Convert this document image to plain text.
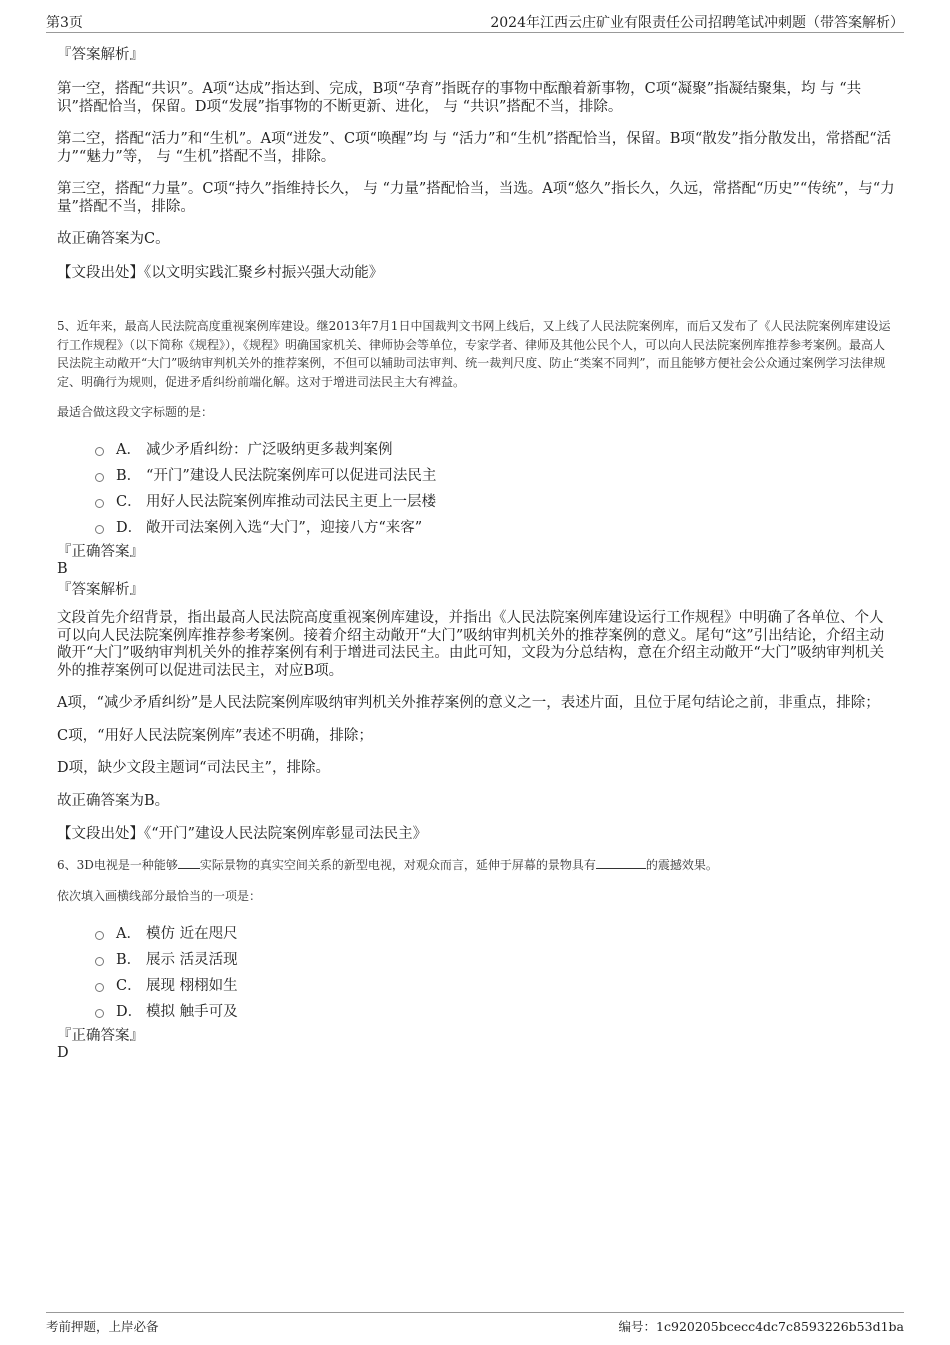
第3页	2024年江西云庄矿业有限责任公司招聘笔试冲刺题（带答案解析）

『答案解析』

第一空，搭配“共识”。A项“达成”指达到、完成，B项“孕育”指既存的事物中酝酿着新事物，C项“凝聚”指凝结聚集，均 与 “共识”搭配恰当，保留。D项“发展”指事物的不断更新、进化， 与 “共识”搭配不当，排除。

第二空，搭配“活力”和“生机”。A项“迸发”、C项“唤醒”均 与 “活力”和“生机”搭配恰当，保留。B项“散发”指分散发出，常搭配“活力”“魅力”等， 与 “生机”搭配不当，排除。

第三空，搭配“力量”。C项“持久”指维持长久， 与 “力量”搭配恰当，当选。A项“悠久”指长久，久远，常搭配“历史”“传统”，与“力量”搭配不当，排除。

故正确答案为C。

【文段出处】《以文明实践汇聚乡村振兴强大动能》

5、近年来，最高人民法院高度重视案例库建设。继2013年7月1日中国裁判文书网上线后，又上线了人民法院案例库，而后又发布了《人民法院案例库建设运行工作规程》（以下简称《规程》），《规程》明确国家机关、律师协会等单位，专家学者、律师及其他公民个人，可以向人民法院案例库推荐参考案例。最高人民法院主动敞开“大门”吸纳审判机关外的推荐案例，不但可以辅助司法审判、统一裁判尺度、防止“类案不同判”，而且能够方便社会公众通过案例学习法律规定、明确行为规则，促进矛盾纠纷前端化解。这对于增进司法民主大有裨益。

最适合做这段文字标题的是：

A． 减少矛盾纠纷：广泛吸纳更多裁判案例
B． “开门”建设人民法院案例库可以促进司法民主
C． 用好人民法院案例库推动司法民主更上一层楼
D． 敞开司法案例入选“大门”，迎接八方“来客”

『正确答案』

B

『答案解析』

文段首先介绍背景，指出最高人民法院高度重视案例库建设，并指出《人民法院案例库建设运行工作规程》中明确了各单位、个人可以向人民法院案例库推荐参考案例。接着介绍主动敞开“大门”吸纳审判机关外的推荐案例的意义。尾句“这”引出结论，介绍主动敞开“大门”吸纳审判机关外的推荐案例有利于增进司法民主。由此可知，文段为分总结构，意在介绍主动敞开“大门”吸纳审判机关外的推荐案例可以促进司法民主，对应B项。

A项，“减少矛盾纠纷”是人民法院案例库吸纳审判机关外推荐案例的意义之一，表述片面，且位于尾句结论之前，非重点，排除；

C项，“用好人民法院案例库”表述不明确，排除；

D项，缺少文段主题词“司法民主”，排除。

故正确答案为B。

【文段出处】《“开门”建设人民法院案例库彰显司法民主》

6、3D电视是一种能够 实际景物的真实空间关系的新型电视，对观众而言，延伸于屏幕的景物具有	的震撼效果。

依次填入画横线部分最恰当的一项是：

A． 模仿 近在咫尺
B． 展示 活灵活现
C． 展现 栩栩如生
D． 模拟 触手可及

『正确答案』

D

考前押题，上岸必备	编号：1c920205bcecc4dc7c8593226b53d1ba
